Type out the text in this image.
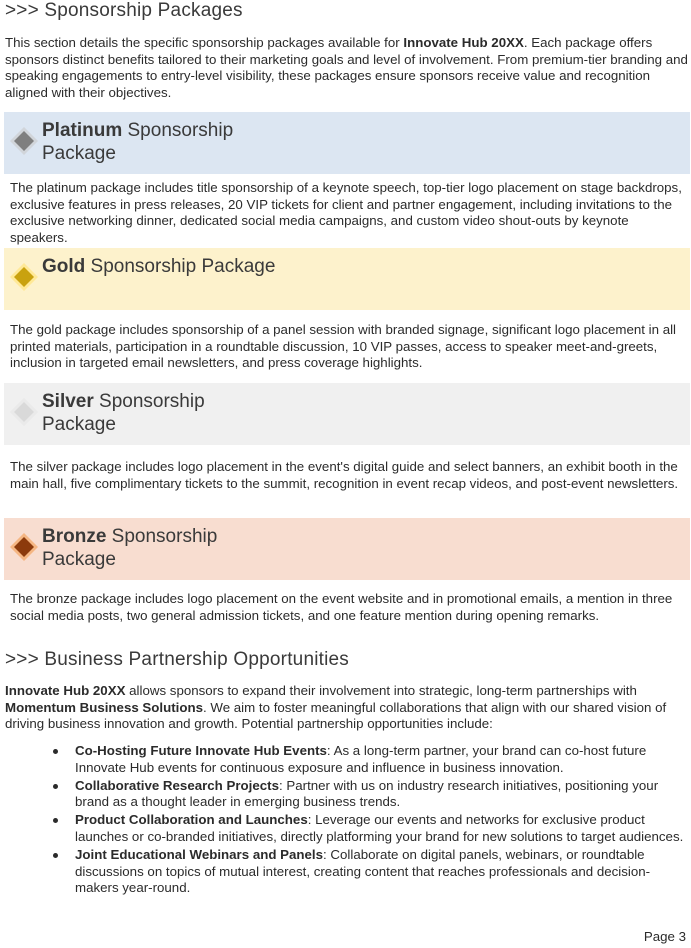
>>> Sponsorship Packages

This section details the specific sponsorship packages available for Innovate Hub 20XX. Each package offers sponsors distinct benefits tailored to their marketing goals and level of involvement. From premium-tier branding and speaking engagements to entry-level visibility, these packages ensure sponsors receive value and recognition aligned with their objectives.

Platinum Sponsorship Package

The platinum package includes title sponsorship of a keynote speech, top-tier logo placement on stage backdrops, exclusive features in press releases, 20 VIP tickets for client and partner engagement, including invitations to the exclusive networking dinner, dedicated social media campaigns, and custom video shout-outs by keynote speakers.

Gold Sponsorship Package

The gold package includes sponsorship of a panel session with branded signage, significant logo placement in all printed materials, participation in a roundtable discussion, 10 VIP passes, access to speaker meet-and-greets, inclusion in targeted email newsletters, and press coverage highlights.

Silver Sponsorship Package

The silver package includes logo placement in the event's digital guide and select banners, an exhibit booth in the main hall, five complimentary tickets to the summit, recognition in event recap videos, and post-event newsletters.

Bronze Sponsorship Package

The bronze package includes logo placement on the event website and in promotional emails, a mention in three social media posts, two general admission tickets, and one feature mention during opening remarks.

>>> Business Partnership Opportunities

Innovate Hub 20XX allows sponsors to expand their involvement into strategic, long-term partnerships with Momentum Business Solutions. We aim to foster meaningful collaborations that align with our shared vision of driving business innovation and growth. Potential partnership opportunities include:

Co-Hosting Future Innovate Hub Events: As a long-term partner, your brand can co-host future Innovate Hub events for continuous exposure and influence in business innovation.
Collaborative Research Projects: Partner with us on industry research initiatives, positioning your brand as a thought leader in emerging business trends.
Product Collaboration and Launches: Leverage our events and networks for exclusive product launches or co-branded initiatives, directly platforming your brand for new solutions to target audiences.
Joint Educational Webinars and Panels: Collaborate on digital panels, webinars, or roundtable discussions on topics of mutual interest, creating content that reaches professionals and decision-makers year-round.
Page 3
